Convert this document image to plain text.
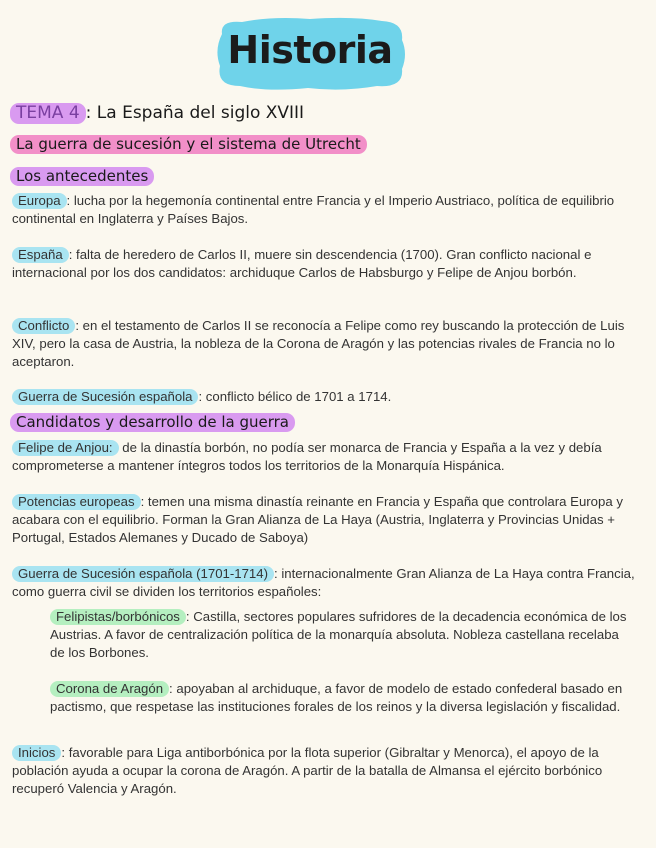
Historia
TEMA 4 : La España del siglo XVIII
La guerra de sucesión y el sistema de Utrecht
Los antecedentes
Europa : lucha por la hegemonía continental entre Francia y el Imperio Austriaco, política de equilibrio continental en Inglaterra y Países Bajos.
España : falta de heredero de Carlos II, muere sin descendencia (1700). Gran conflicto nacional e internacional por los dos candidatos: archiduque Carlos de Habsburgo y Felipe de Anjou borbón.
Conflicto : en el testamento de Carlos II se reconocía a Felipe como rey buscando la protección de Luis XIV, pero la casa de Austria, la nobleza de la Corona de Aragón y las potencias rivales de Francia no lo aceptaron.
Guerra de Sucesión española : conflicto bélico de 1701 a 1714.
Candidatos y desarrollo de la guerra
Felipe de Anjou: de la dinastía borbón, no podía ser monarca de Francia y España a la vez y debía comprometerse a mantener íntegros todos los territorios de la Monarquía Hispánica.
Potencias europeas : temen una misma dinastía reinante en Francia y España que controlara Europa y acabara con el equilibrio. Forman la Gran Alianza de La Haya (Austria, Inglaterra y Provincias Unidas + Portugal, Estados Alemanes y Ducado de Saboya)
Guerra de Sucesión española (1701-1714) : internacionalmente Gran Alianza de La Haya contra Francia, como guerra civil se dividen los territorios españoles:
Felipistas/borbónicos : Castilla, sectores populares sufridores de la decadencia económica de los Austrias. A favor de centralización política de la monarquía absoluta. Nobleza castellana recelaba de los Borbones.
Corona de Aragón : apoyaban al archiduque, a favor de modelo de estado confederal basado en pactismo, que respetase las instituciones forales de los reinos y la diversa legislación y fiscalidad.
Inicios : favorable para Liga antiborbónica por la flota superior (Gibraltar y Menorca), el apoyo de la población ayuda a ocupar la corona de Aragón. A partir de la batalla de Almansa el ejército borbónico recuperó Valencia y Aragón.
